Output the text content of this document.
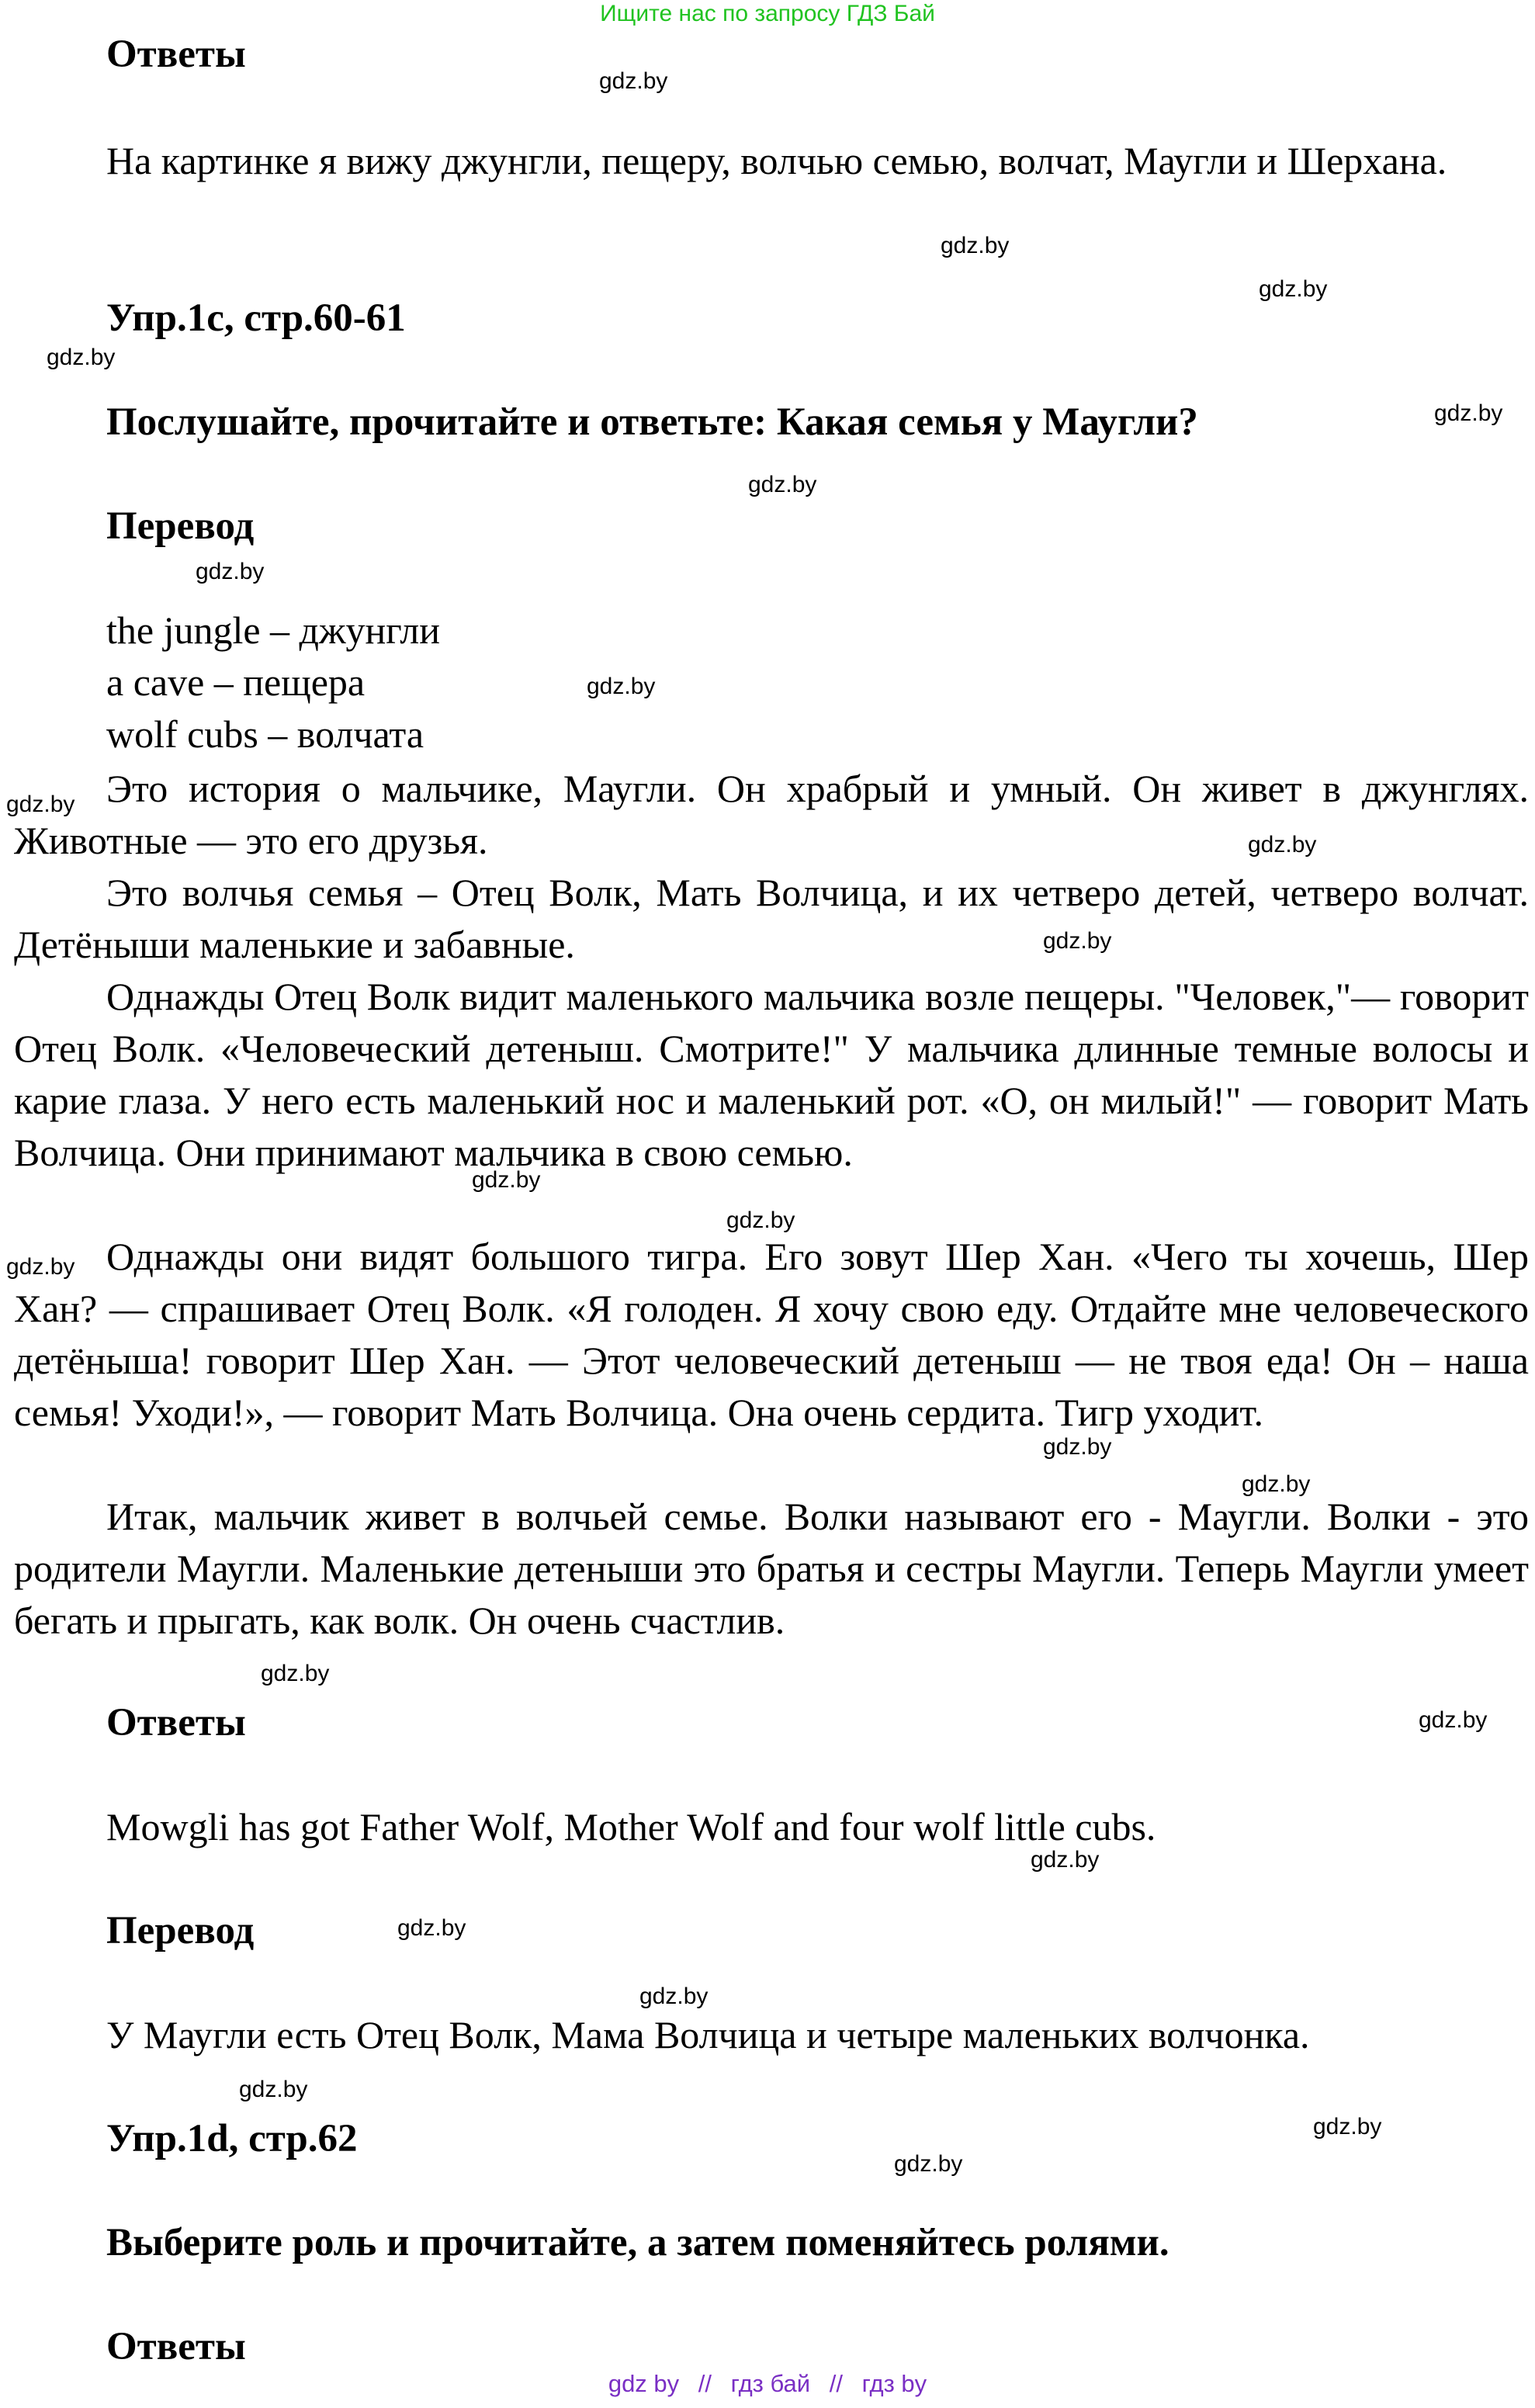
Ищите нас по запросу ГДЗ Бай
Ответы
На картинке я вижу джунгли, пещеру, волчью семью, волчат, Маугли и Шерхана.
Упр.1c, стр.60-61
Послушайте, прочитайте и ответьте: Какая семья у Маугли?
Перевод
the jungle – джунгли
a cave – пещера
wolf cubs – волчата
Это история о мальчике, Маугли. Он храбрый и умный. Он живет в джунглях. Животные — это его друзья.
Это волчья семья – Отец Волк, Мать Волчица, и их четверо детей, четверо волчат. Детёныши маленькие и забавные.
Однажды Отец Волк видит маленького мальчика возле пещеры. "Человек,"— говорит Отец Волк. «Человеческий детеныш. Смотрите!" У мальчика длинные темные волосы и карие глаза. У него есть маленький нос и маленький рот. «О, он милый!" — говорит Мать Волчица. Они принимают мальчика в свою семью.
Однажды они видят большого тигра. Его зовут Шер Хан. «Чего ты хочешь, Шер Хан? — спрашивает Отец Волк. «Я голоден. Я хочу свою еду. Отдайте мне человеческого детёныша! говорит Шер Хан. — Этот человеческий детеныш — не твоя еда! Он – наша семья! Уходи!», — говорит Мать Волчица. Она очень сердита. Тигр уходит.
Итак, мальчик живет в волчьей семье. Волки называют его - Маугли. Волки - это родители Маугли. Маленькие детеныши это братья и сестры Маугли. Теперь Маугли умеет бегать и прыгать, как волк. Он очень счастлив.
Ответы
Mowgli has got Father Wolf, Mother Wolf and four wolf little cubs.
Перевод
У Маугли есть Отец Волк, Мама Волчица и четыре маленьких волчонка.
Упр.1d, стр.62
Выберите роль и прочитайте, а затем поменяйтесь ролями.
Ответы
gdz.by
gdz.by
gdz.by
gdz.by
gdz.by
gdz.by
gdz.by
gdz.by
gdz.by
gdz.by
gdz.by
gdz.by
gdz.by
gdz.by
gdz.by
gdz.by
gdz.by
gdz.by
gdz.by
gdz.by
gdz.by
gdz.by
gdz.by
gdz.by
gdz by // гдз бай // гдз by
